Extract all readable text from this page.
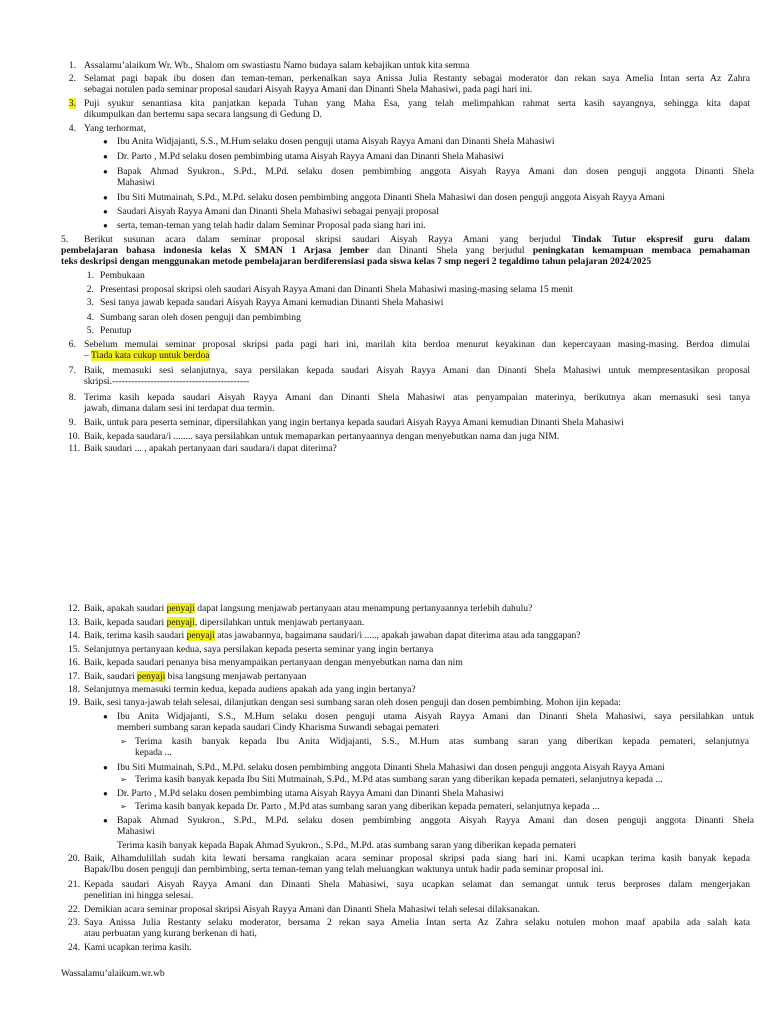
1. Assalamu’alaikum Wr. Wb., Shalom om swastiastu Namo budaya salam kebajikan untuk kita semua
2. Selamat pagi bapak ibu dosen dan teman-teman, perkenalkan saya Anissa Julia Restanty sebagai moderator dan rekan saya Amelia Intan serta Az Zahra
sebagai notulen pada seminar proposal saudari Aisyah Rayya Amani dan Dinanti Shela Mahasiwi, pada pagi hari ini.
3. Puji syukur senantiasa kita panjatkan kepada Tuhan yang Maha Esa, yang telah melimpahkan rahmat serta kasih sayangnya, sehingga kita dapat
dikumpulkan dan bertemu sapa secara langsung di Gedung D.
4. Yang terhormat,
● Ibu Anita Widjajanti, S.S., M.Hum selaku dosen penguji utama Aisyah Rayya Amani dan Dinanti Shela Mahasiwi
● Dr. Parto , M.Pd selaku dosen pembimbing utama Aisyah Rayya Amani dan Dinanti Shela Mahasiwi
● Bapak Ahmad Syukron., S.Pd., M.Pd. selaku dosen pembimbing anggota Aisyah Rayya Amani dan dosen penguji anggota Dinanti Shela
Mahasiwi
● Ibu Siti Mutmainah, S.Pd., M.Pd. selaku dosen pembimbing anggota Dinanti Shela Mahasiwi dan dosen penguji anggota Aisyah Rayya Amani
● Saudari Aisyah Rayya Amani dan Dinanti Shela Mahasiwi sebagai penyaji proposal
● serta, teman-teman yang telah hadir dalam Seminar Proposal pada siang hari ini.
5. Berikut susunan acara dalam seminar proposal skripsi saudari Aisyah Rayya Amani yang berjudul Tindak Tutur ekspresif guru dalam
pembelajaran bahasa indonesia kelas X SMAN 1 Arjasa jember dan Dinanti Shela yang berjudul peningkatan kemampuan membaca pemahaman
teks deskripsi dengan menggunakan metode pembelajaran berdiferensiasi pada siswa kelas 7 smp negeri 2 tegaldimo tahun pelajaran 2024/2025
1. Pembukaan
2. Presentasi proposal skripsi oleh saudari Aisyah Rayya Amani dan Dinanti Shela Mahasiwi masing-masing selama 15 menit
3. Sesi tanya jawab kepada saudari Aisyah Rayya Amani kemudian Dinanti Shela Mahasiwi
4. Sumbang saran oleh dosen penguji dan pembimbing
5. Penutup
6. Sebelum memulai seminar proposal skripsi pada pagi hari ini, marilah kita berdoa menurut keyakinan dan kepercayaan masing-masing. Berdoa dimulai
– Tiada kata cukup untuk berdoa
7. Baik, memasuki sesi selanjutnya, saya persilakan kepada saudari Aisyah Rayya Amani dan Dinanti Shela Mahasiwi untuk mempresentasikan proposal
skripsi.-------------------------------------------
8. Terima kasih kepada saudari Aisyah Rayya Amani dan Dinanti Shela Mahasiwi atas penyampaian materinya, berikutnya akan memasuki sesi tanya
jawab, dimana dalam sesi ini terdapat dua termin.
9. Baik, untuk para peserta seminar, dipersilahkan yang ingin bertanya kepada saudari Aisyah Rayya Amani kemudian Dinanti Shela Mahasiwi
10. Baik, kepada saudara/i ........ saya persilahkan untuk memaparkan pertanyaannya dengan menyebutkan nama dan juga NIM.
11. Baik saudari ... , apakah pertanyaan dari saudara/i dapat diterima?
12. Baik, apakah saudari penyaji dapat langsung menjawab pertanyaan atau menampung pertanyaannya terlebih dahulu?
13. Baik, kepada saudari penyaji, dipersilahkan untuk menjawab pertanyaan.
14. Baik, terima kasih saudari penyaji atas jawabannya, bagaimana saudari/i ....., apakah jawaban dapat diterima atau ada tanggapan?
15. Selanjutnya pertanyaan kedua, saya persilakan kepada peserta seminar yang ingin bertanya
16. Baik, kepada saudari penanya bisa menyampaikan pertanyaan dengan menyebutkan nama dan nim
17. Baik, saudari penyaji bisa langsung menjawab pertanyaan
18. Selanjutnya memasuki termin kedua, kepada audiens apakah ada yang ingin bertanya?
19. Baik, sesi tanya-jawab telah selesai, dilanjutkan dengan sesi sumbang saran oleh dosen penguji dan dosen pembimbing. Mohon ijin kepada:
● Ibu Anita Widjajanti, S.S., M.Hum selaku dosen penguji utama Aisyah Rayya Amani dan Dinanti Shela Mahasiwi, saya persilahkan untuk
memberi sumbang saran kepada saudari Cindy Kharisma Suwandi sebagai pemateri
➢ Terima kasih banyak kepada Ibu Anita Widjajanti, S.S., M.Hum atas sumbang saran yang diberikan kepada pemateri, selanjutnya
kepada ...
● Ibu Siti Mutmainah, S.Pd., M.Pd. selaku dosen pembimbing anggota Dinanti Shela Mahasiwi dan dosen penguji anggota Aisyah Rayya Amani
➢ Terima kasih banyak kepada Ibu Siti Mutmainah, S.Pd., M.Pd atas sumbang saran yang diberikan kepada pemateri, selanjutnya kepada ...
● Dr. Parto , M.Pd selaku dosen pembimbing utama Aisyah Rayya Amani dan Dinanti Shela Mahasiwi
➢ Terima kasih banyak kepada Dr. Parto , M.Pd atas sumbang saran yang diberikan kepada pemateri, selanjutnya kepada ...
● Bapak Ahmad Syukron., S.Pd., M.Pd. selaku dosen pembimbing anggota Aisyah Rayya Amani dan dosen penguji anggota Dinanti Shela
Mahasiwi
Terima kasih banyak kepada Bapak Ahmad Syukron., S.Pd., M.Pd. atas sumbang saran yang diberikan kepada pemateri
20. Baik, Alhamdulillah sudah kita lewati bersama rangkaian acara seminar proposal skripsi pada siang hari ini. Kami ucapkan terima kasih banyak kepada
Bapak/Ibu dosen penguji dan pembimbing, serta teman-teman yang telah meluangkan waktunya untuk hadir pada seminar proposal ini.
21. Kepada saudari Aisyah Rayya Amani dan Dinanti Shela Mahasiwi, saya ucapkan selamat dan semangat untuk terus berproses dalam mengerjakan
penelitian ini hingga selesai.
22. Demikian acara seminar proposal skripsi Aisyah Rayya Amani dan Dinanti Shela Mahasiwi telah selesai dilaksanakan.
23. Saya Anissa Julia Restanty selaku moderator, bersama 2 rekan saya Amelia Intan serta Az Zahra selaku notulen mohon maaf apabila ada salah kata
atau perbuatan yang kurang berkenan di hati,
24. Kami ucapkan terima kasih.
Wassalamu’alaikum.wr.wb
